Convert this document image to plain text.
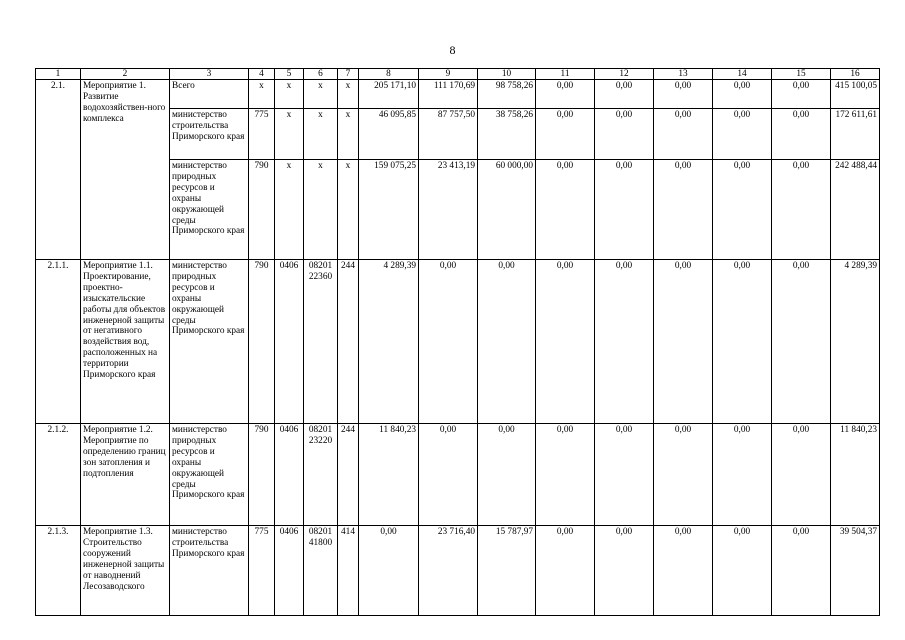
8
1	2	3	4	5	6	7	8	9	10	11	12	13	14	15	16
2.1.	Мероприятие 1. Развитие водохозяйствен-ного комплекса	Всего	x	x	x	x	205 171,10	111 170,69	98 758,26	0,00	0,00	0,00	0,00	0,00	415 100,05
		министерство строительства Приморского края	775	x	x	x	46 095,85	87 757,50	38 758,26	0,00	0,00	0,00	0,00	0,00	172 611,61
		министерство природных ресурсов и охраны окружающей среды Приморского края	790	x	x	x	159 075,25	23 413,19	60 000,00	0,00	0,00	0,00	0,00	0,00	242 488,44
2.1.1.	Мероприятие 1.1. Проектирование, проектно-изыскательские работы для объектов инженерной защиты от негативного воздействия вод, расположенных на территории Приморского края	министерство природных ресурсов и охраны окружающей среды Приморского края	790	0406	08201 22360	244	4 289,39	0,00	0,00	0,00	0,00	0,00	0,00	0,00	4 289,39
2.1.2.	Мероприятие 1.2. Мероприятие по определению границ зон затопления и подтопления	министерство природных ресурсов и охраны окружающей среды Приморского края	790	0406	08201 23220	244	11 840,23	0,00	0,00	0,00	0,00	0,00	0,00	0,00	11 840,23
2.1.3.	Мероприятие 1.3. Строительство сооружений инженерной защиты от наводнений Лесозаводского	министерство строительства Приморского края	775	0406	08201 41800	414	0,00	23 716,40	15 787,97	0,00	0,00	0,00	0,00	0,00	39 504,37
